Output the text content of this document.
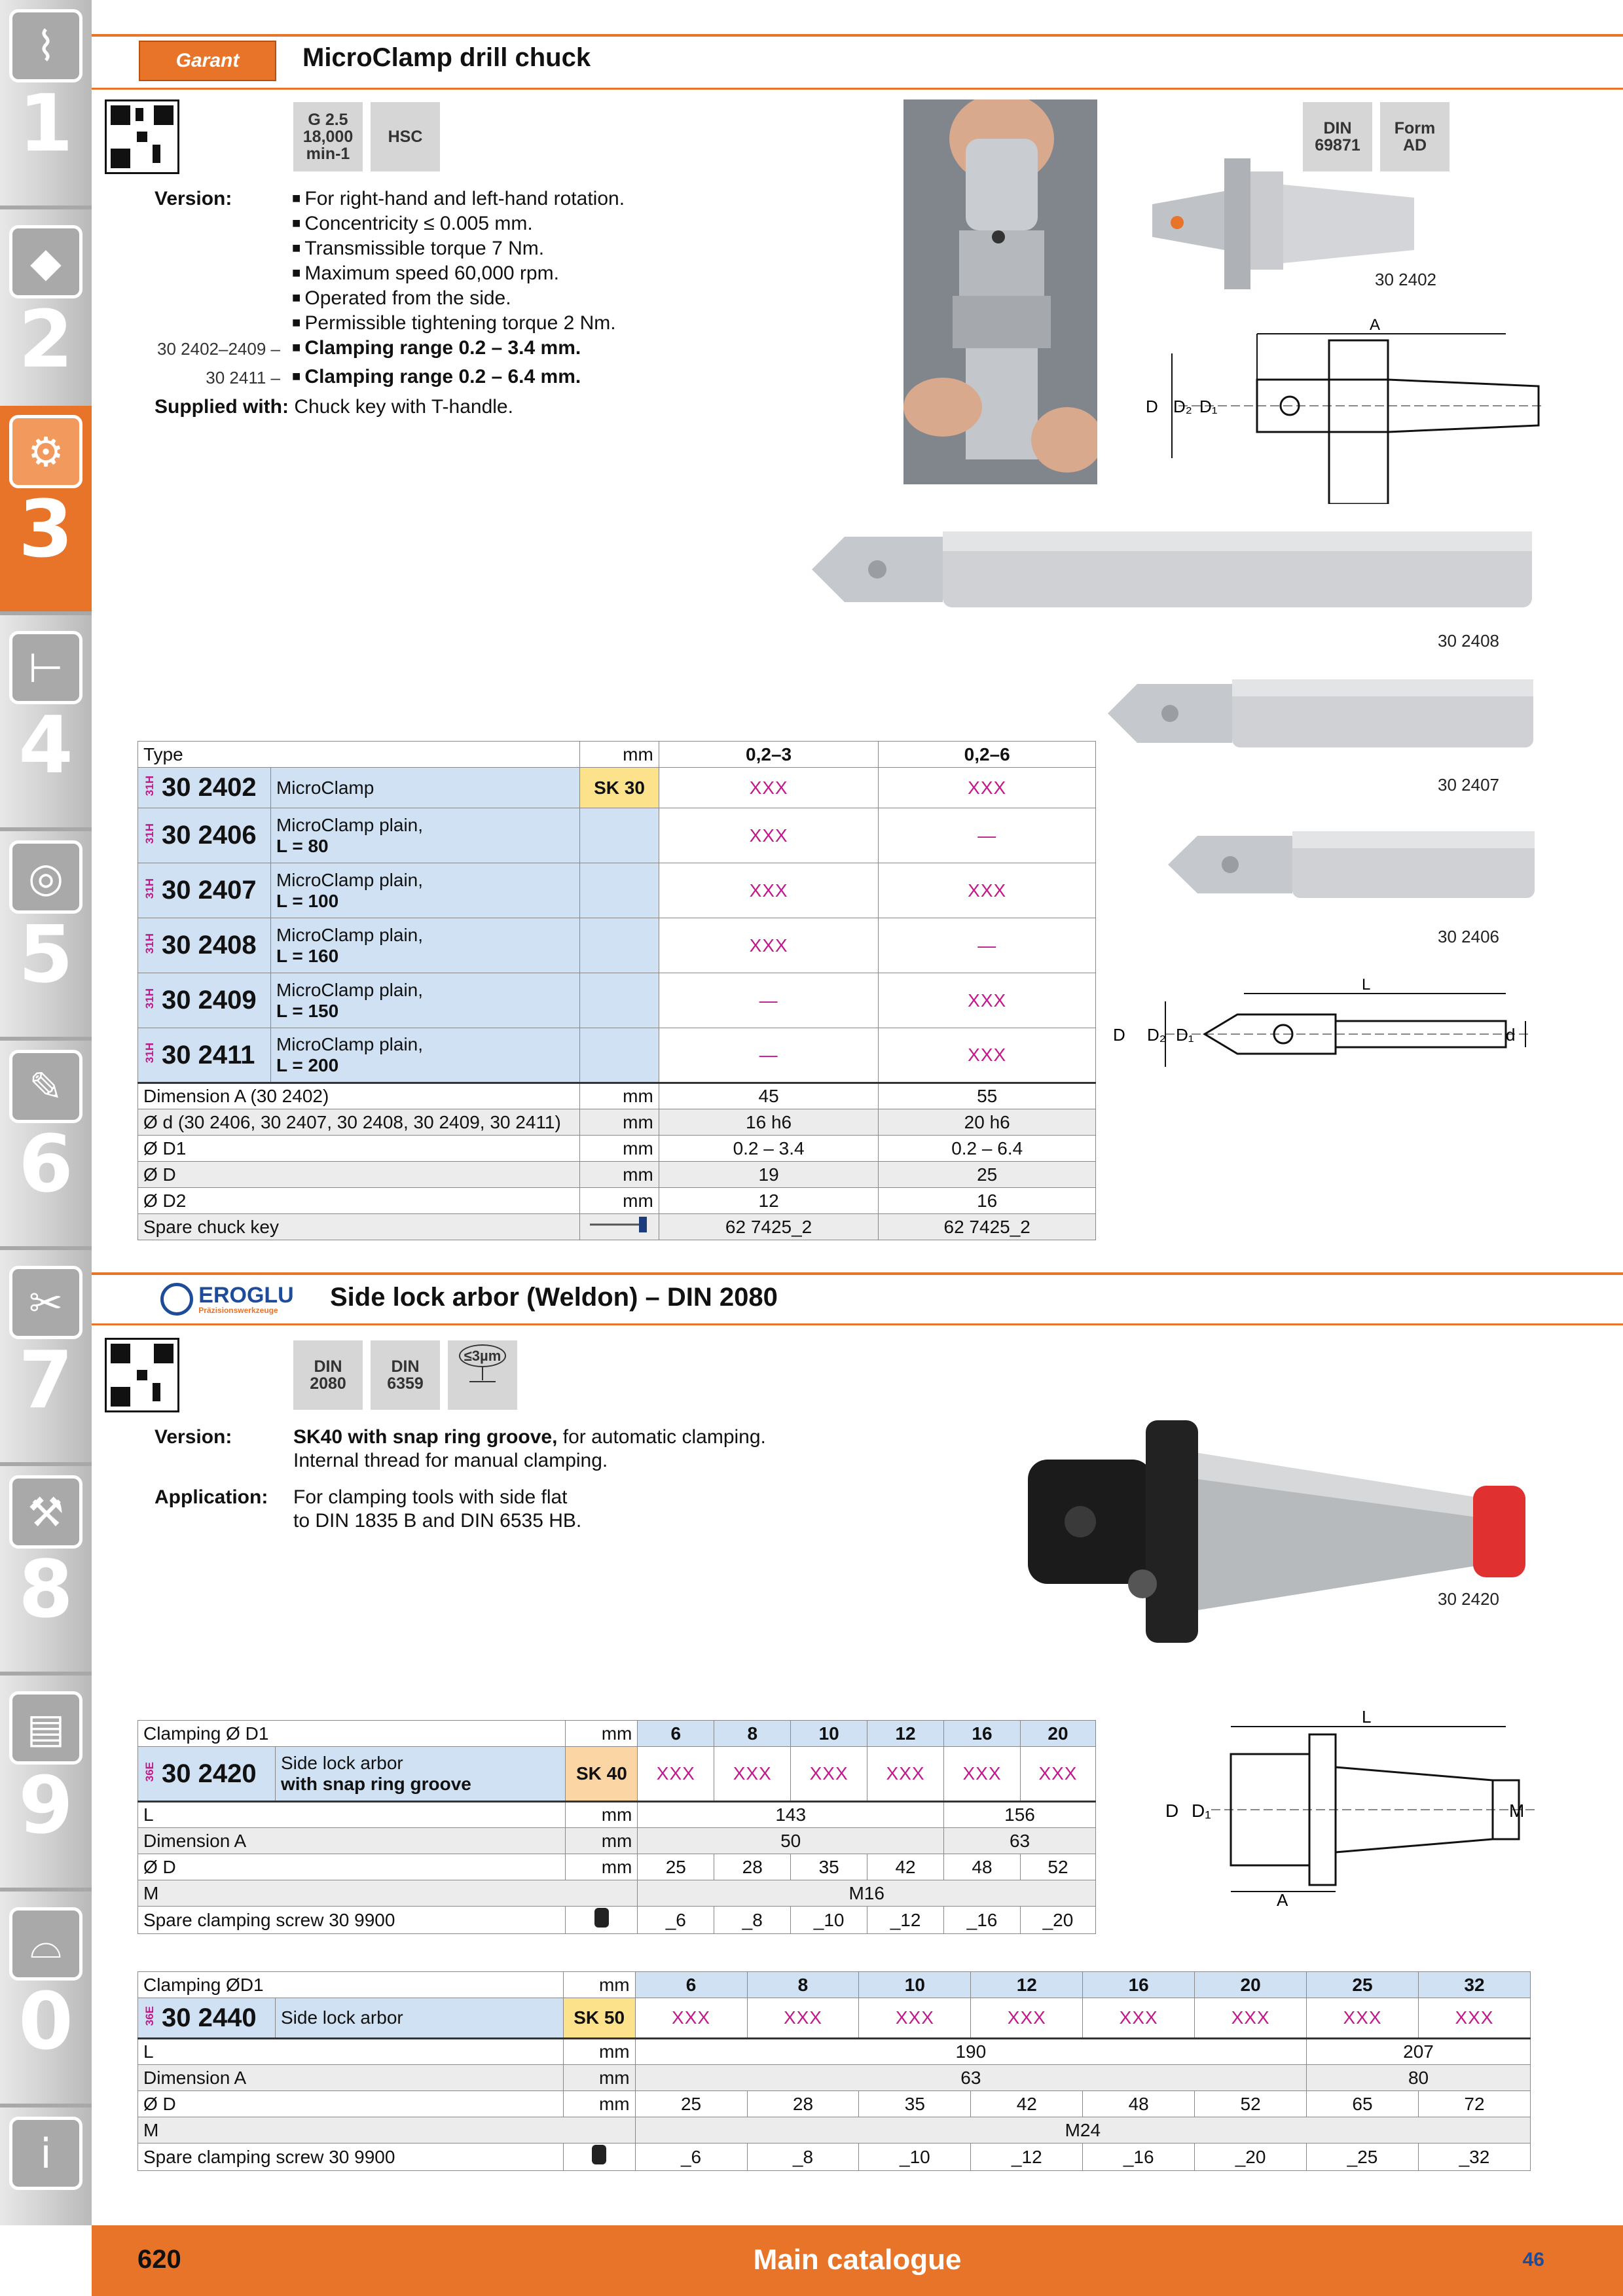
⌇
1
◆
2
⚙
3
⊢
4
◎
5
✎
6
✂
7
⚒
8
▤
9
⌓
0
i
Garant MicroClamp drill chuck
G 2.5
18,000
min-1
HSC	DIN
69871
Form
AD
Version:	■ For right-hand and left-hand rotation.
■ Concentricity ≤ 0.005 mm.
■ Transmissible torque 7 Nm.
■ Maximum speed 60,000 rpm.
■ Operated from the side.
■ Permissible tightening torque 2 Nm.
30 2402–2409 –	■ Clamping range 0.2 – 3.4 mm.
30 2411 –	■ Clamping range 0.2 – 6.4 mm.
Supplied with: Chuck key with T-handle.
30 2402
A
D D₂ D₁
30 2408
30 2407
30 2406
L
D D₂ D₁	d
Type		mm	0,2–3	0,2–6
31H 30 2402	MicroClamp	SK 30	XXX	XXX
31H 30 2406	MicroClamp plain,
L = 80		XXX	—
31H 30 2407	MicroClamp plain,
L = 100		XXX	XXX
31H 30 2408	MicroClamp plain,
L = 160		XXX	—
31H 30 2409	MicroClamp plain,
L = 150		—	XXX
31H 30 2411	MicroClamp plain,
L = 200		—	XXX
Dimension A (30 2402)		mm	45	55
Ø d (30 2406, 30 2407, 30 2408, 30 2409, 30 2411)		mm	16 h6	20 h6
Ø D1		mm	0.2 – 3.4	0.2 – 6.4
Ø D		mm	19	25
Ø D2		mm	12	16
Spare chuck key			62 7425_2	62 7425_2
EROGLU
Präzisionswerkzeuge	Side lock arbor (Weldon) – DIN 2080
DIN
2080
DIN
6359
≤3µm
Version:	SK40 with snap ring groove, for automatic clamping.
Internal thread for manual clamping.
Application: For clamping tools with side flat
to DIN 1835 B and DIN 6535 HB.
30 2420
L
A
D D₁	M
Clamping Ø D1		mm	6	8	10	12	16	20
36E 30 2420	Side lock arbor
with snap ring groove	SK 40	XXX	XXX	XXX	XXX	XXX	XXX
L		mm	143				156	
Dimension A		mm	50				63	
Ø D		mm	25	28	35	42	48	52
M			M16					
Spare clamping screw 30 9900			_6	_8	_10	_12	_16	_20
Clamping ØD1		mm	6	8	10	12	16	20	25	32
36E 30 2440	Side lock arbor	SK 50	XXX	XXX	XXX	XXX	XXX	XXX	XXX	XXX
L		mm	190						207	
Dimension A		mm	63						80	
Ø D		mm	25	28	35	42	48	52	65	72
M			M24							
Spare clamping screw 30 9900			_6	_8	_10	_12	_16	_20	_25	_32
620	Main catalogue	46
